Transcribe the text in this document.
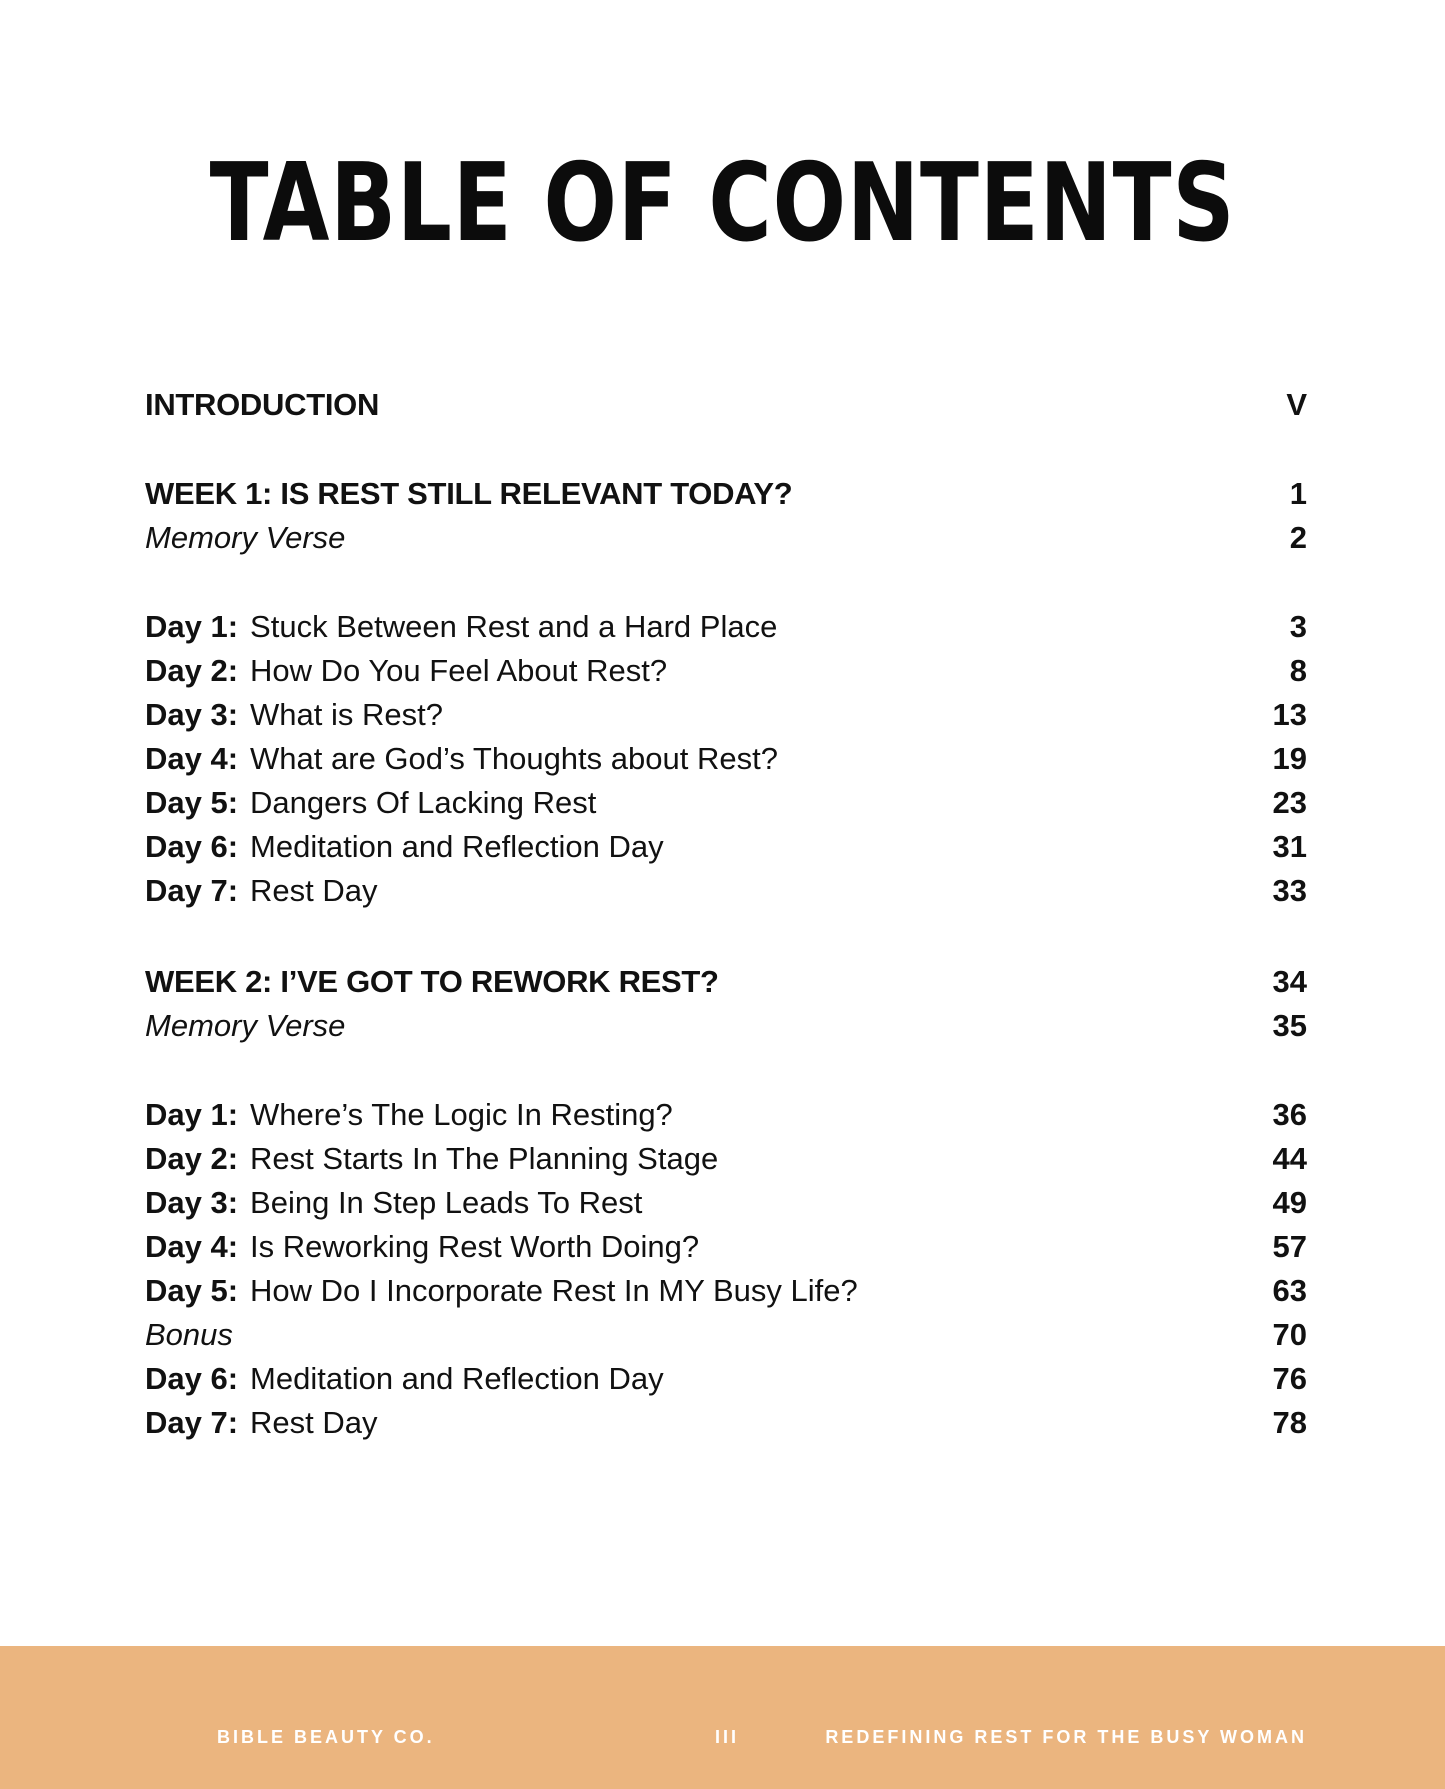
TABLE OF CONTENTS
INTRODUCTION	V
WEEK 1: IS REST STILL RELEVANT TODAY?	1
Memory Verse	2
Day 1: Stuck Between Rest and a Hard Place	3
Day 2: How Do You Feel About Rest?	8
Day 3: What is Rest?	13
Day 4: What are God’s Thoughts about Rest?	19
Day 5: Dangers Of Lacking Rest	23
Day 6: Meditation and Reflection Day	31
Day 7: Rest Day	33
WEEK 2: I’VE GOT TO REWORK REST?	34
Memory Verse	35
Day 1: Where’s The Logic In Resting?	36
Day 2: Rest Starts In The Planning Stage	44
Day 3: Being In Step Leads To Rest	49
Day 4: Is Reworking Rest Worth Doing?	57
Day 5: How Do I Incorporate Rest In MY Busy Life?	63
Bonus	70
Day 6: Meditation and Reflection Day	76
Day 7: Rest Day	78
BIBLE BEAUTY CO.	III	REDEFINING REST FOR THE BUSY WOMAN
